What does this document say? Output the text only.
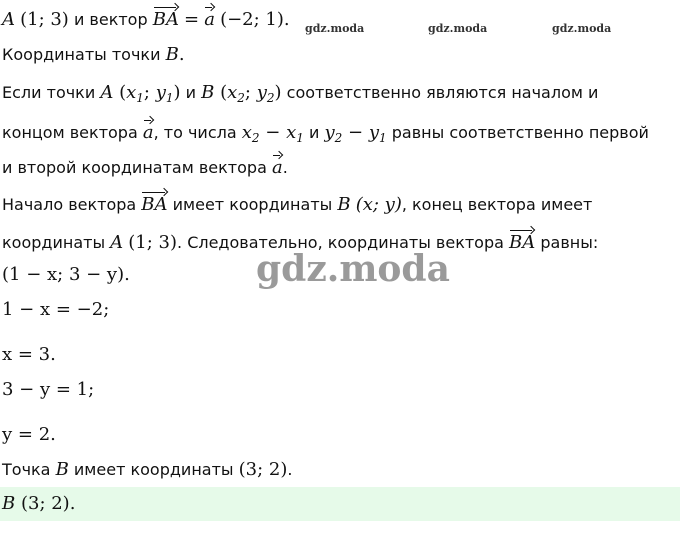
A (1; 3) и вектор BA = a (−2; 1). gdz.moda	gdz.moda	gdz.moda
Координаты точки B.
Если точки A ($x_1$; $y_1$) и B ($x_2$; $y_2$) соответственно являются началом и
концом вектора a, то числа $x_2 - x_1$ и $y_2 - y_1$ равны соответственно первой
и второй координатам вектора a.
Начало вектора BA имеет координаты B (x; y), конец вектора имеет
координаты A (1; 3). Следовательно, координаты вектора BA равны:
gdz.moda
(1 − x; 3 − y).
1 − x = −2;
x = 3.
3 − y = 1;
y = 2.
Точка B имеет координаты (3; 2).
B (3; 2).
